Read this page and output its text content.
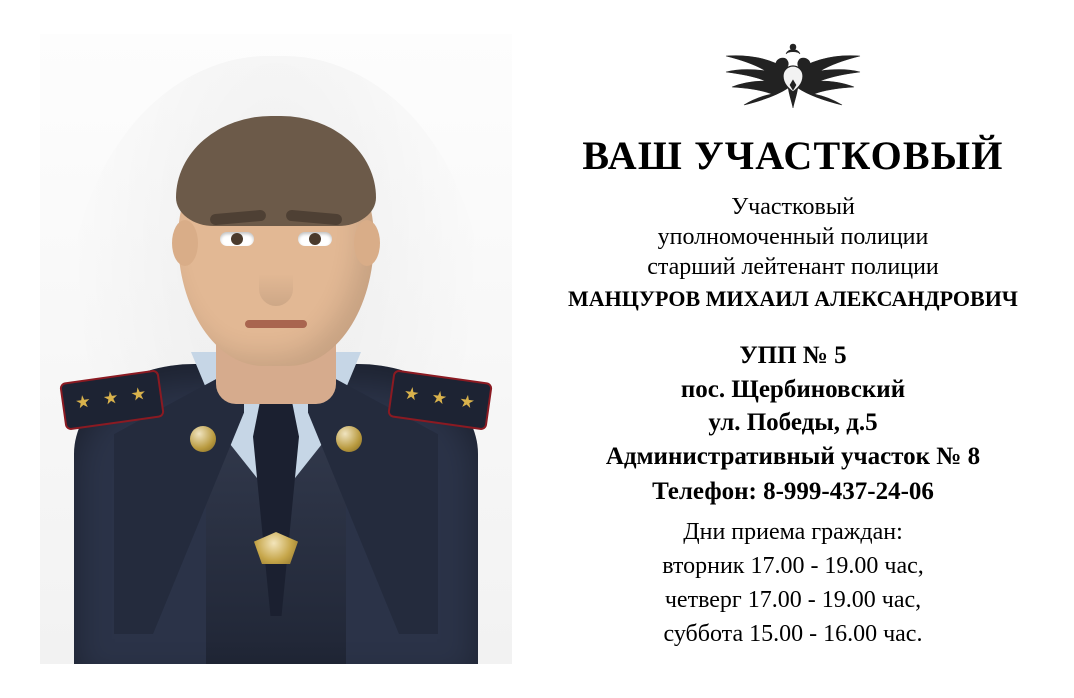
ВАШ УЧАСТКОВЫЙ
Участковый
уполномоченный полиции
старший лейтенант полиции
МАНЦУРОВ МИХАИЛ АЛЕКСАНДРОВИЧ
УПП № 5
пос. Щербиновский
ул. Победы, д.5
Административный участок № 8
Телефон: 8-999-437-24-06
Дни приема граждан:
вторник 17.00 - 19.00 час,
четверг 17.00 - 19.00 час,
суббота 15.00 - 16.00 час.
